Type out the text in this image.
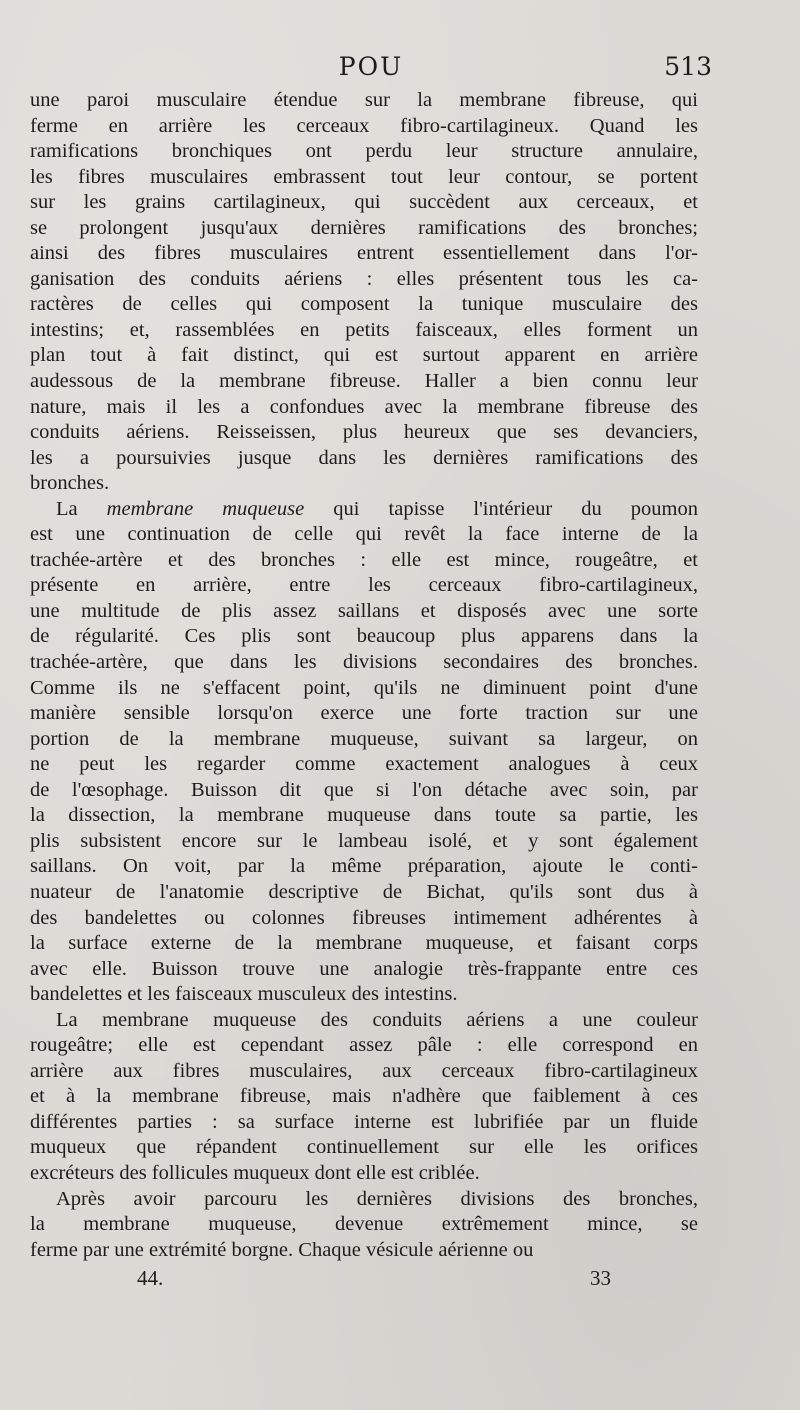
POU	513
une paroi musculaire étendue sur la membrane fibreuse, qui
ferme en arrière les cerceaux fibro-cartilagineux. Quand les
ramifications bronchiques ont perdu leur structure annulaire,
les fibres musculaires embrassent tout leur contour, se portent
sur les grains cartilagineux, qui succèdent aux cerceaux, et
se prolongent jusqu'aux dernières ramifications des bronches;
ainsi des fibres musculaires entrent essentiellement dans l'or-
ganisation des conduits aériens : elles présentent tous les ca-
ractères de celles qui composent la tunique musculaire des
intestins; et, rassemblées en petits faisceaux, elles forment un
plan tout à fait distinct, qui est surtout apparent en arrière
audessous de la membrane fibreuse. Haller a bien connu leur
nature, mais il les a confondues avec la membrane fibreuse des
conduits aériens. Reisseissen, plus heureux que ses devanciers,
les a poursuivies jusque dans les dernières ramifications des
bronches.
La membrane muqueuse qui tapisse l'intérieur du poumon
est une continuation de celle qui revêt la face interne de la
trachée-artère et des bronches : elle est mince, rougeâtre, et
présente en arrière, entre les cerceaux fibro-cartilagineux,
une multitude de plis assez saillans et disposés avec une sorte
de régularité. Ces plis sont beaucoup plus apparens dans la
trachée-artère, que dans les divisions secondaires des bronches.
Comme ils ne s'effacent point, qu'ils ne diminuent point d'une
manière sensible lorsqu'on exerce une forte traction sur une
portion de la membrane muqueuse, suivant sa largeur, on
ne peut les regarder comme exactement analogues à ceux
de l'œsophage. Buisson dit que si l'on détache avec soin, par
la dissection, la membrane muqueuse dans toute sa partie, les
plis subsistent encore sur le lambeau isolé, et y sont également
saillans. On voit, par la même préparation, ajoute le conti-
nuateur de l'anatomie descriptive de Bichat, qu'ils sont dus à
des bandelettes ou colonnes fibreuses intimement adhérentes à
la surface externe de la membrane muqueuse, et faisant corps
avec elle. Buisson trouve une analogie très-frappante entre ces
bandelettes et les faisceaux musculeux des intestins.
La membrane muqueuse des conduits aériens a une couleur
rougeâtre; elle est cependant assez pâle : elle correspond en
arrière aux fibres musculaires, aux cerceaux fibro-cartilagineux
et à la membrane fibreuse, mais n'adhère que faiblement à ces
différentes parties : sa surface interne est lubrifiée par un fluide
muqueux que répandent continuellement sur elle les orifices
excréteurs des follicules muqueux dont elle est criblée.
Après avoir parcouru les dernières divisions des bronches,
la membrane muqueuse, devenue extrêmement mince, se
ferme par une extrémité borgne. Chaque vésicule aérienne ou
44.	33
